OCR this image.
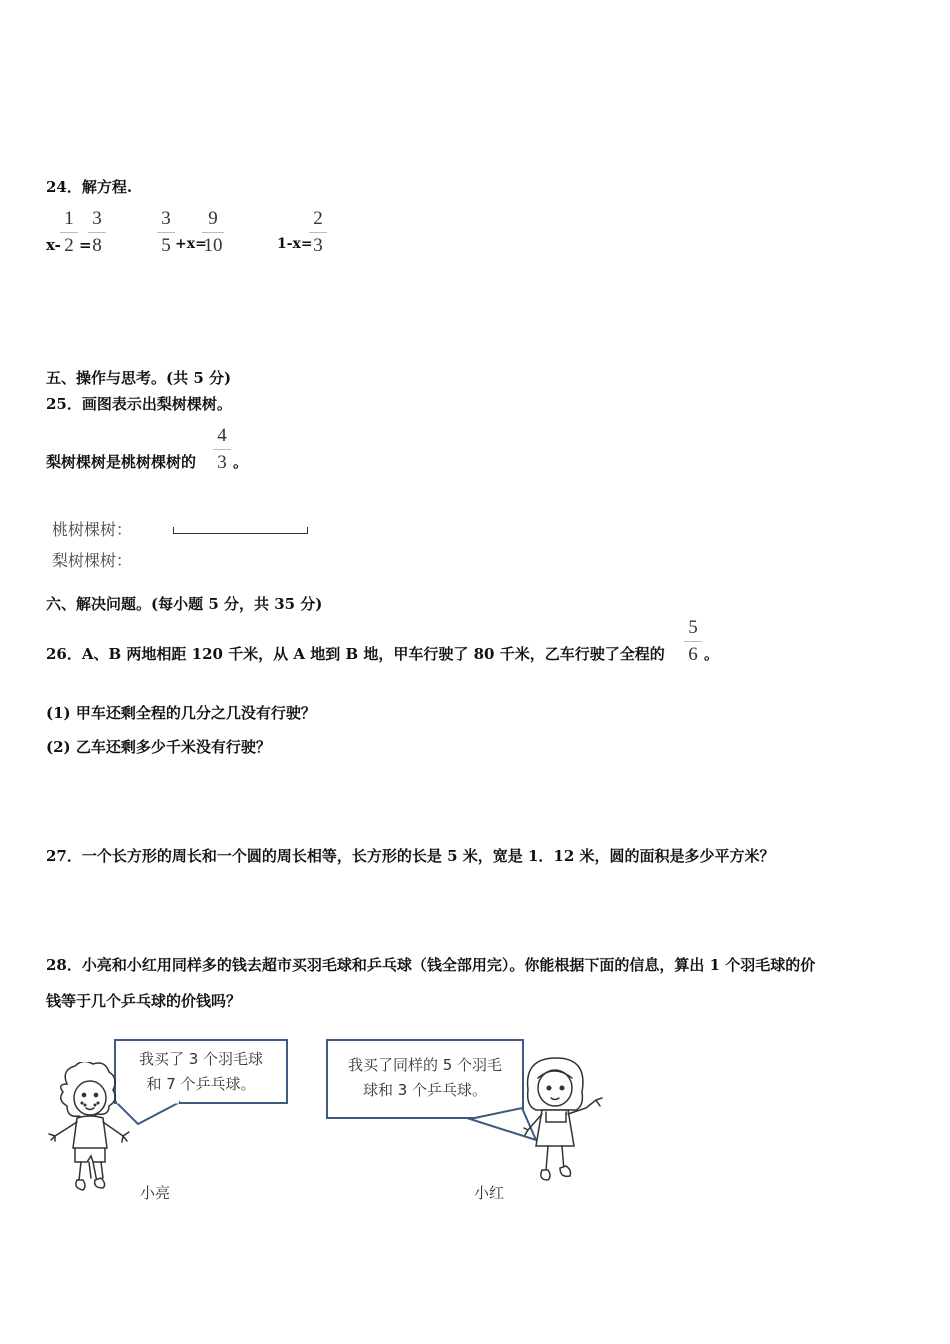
24．解方程.
x-
1
2 =
3
8
3
5 +x=
9
10	1-x=
2
3
五、操作与思考。(共 5 分)
25．画图表示出梨树棵树。
梨树棵树是桃树棵树的
4
3 。
桃树棵树：
梨树棵树：
六、解决问题。(每小题 5 分，共 35 分)
26．A、B 两地相距 120 千米，从 A 地到 B 地，甲车行驶了 80 千米，乙车行驶了全程的
5
6 。
(1) 甲车还剩全程的几分之几没有行驶？
(2) 乙车还剩多少千米没有行驶？
27．一个长方形的周长和一个圆的周长相等，长方形的长是 5 米，宽是 1．12 米，圆的面积是多少平方米？
28．小亮和小红用同样多的钱去超市买羽毛球和乒乓球（钱全部用完）。你能根据下面的信息，算出 1 个羽毛球的价
钱等于几个乒乓球的价钱吗？
我买了 3 个羽毛球
和 7 个乒乓球。
我买了同样的 5 个羽毛
球和 3 个乒乓球。
小亮	小红
